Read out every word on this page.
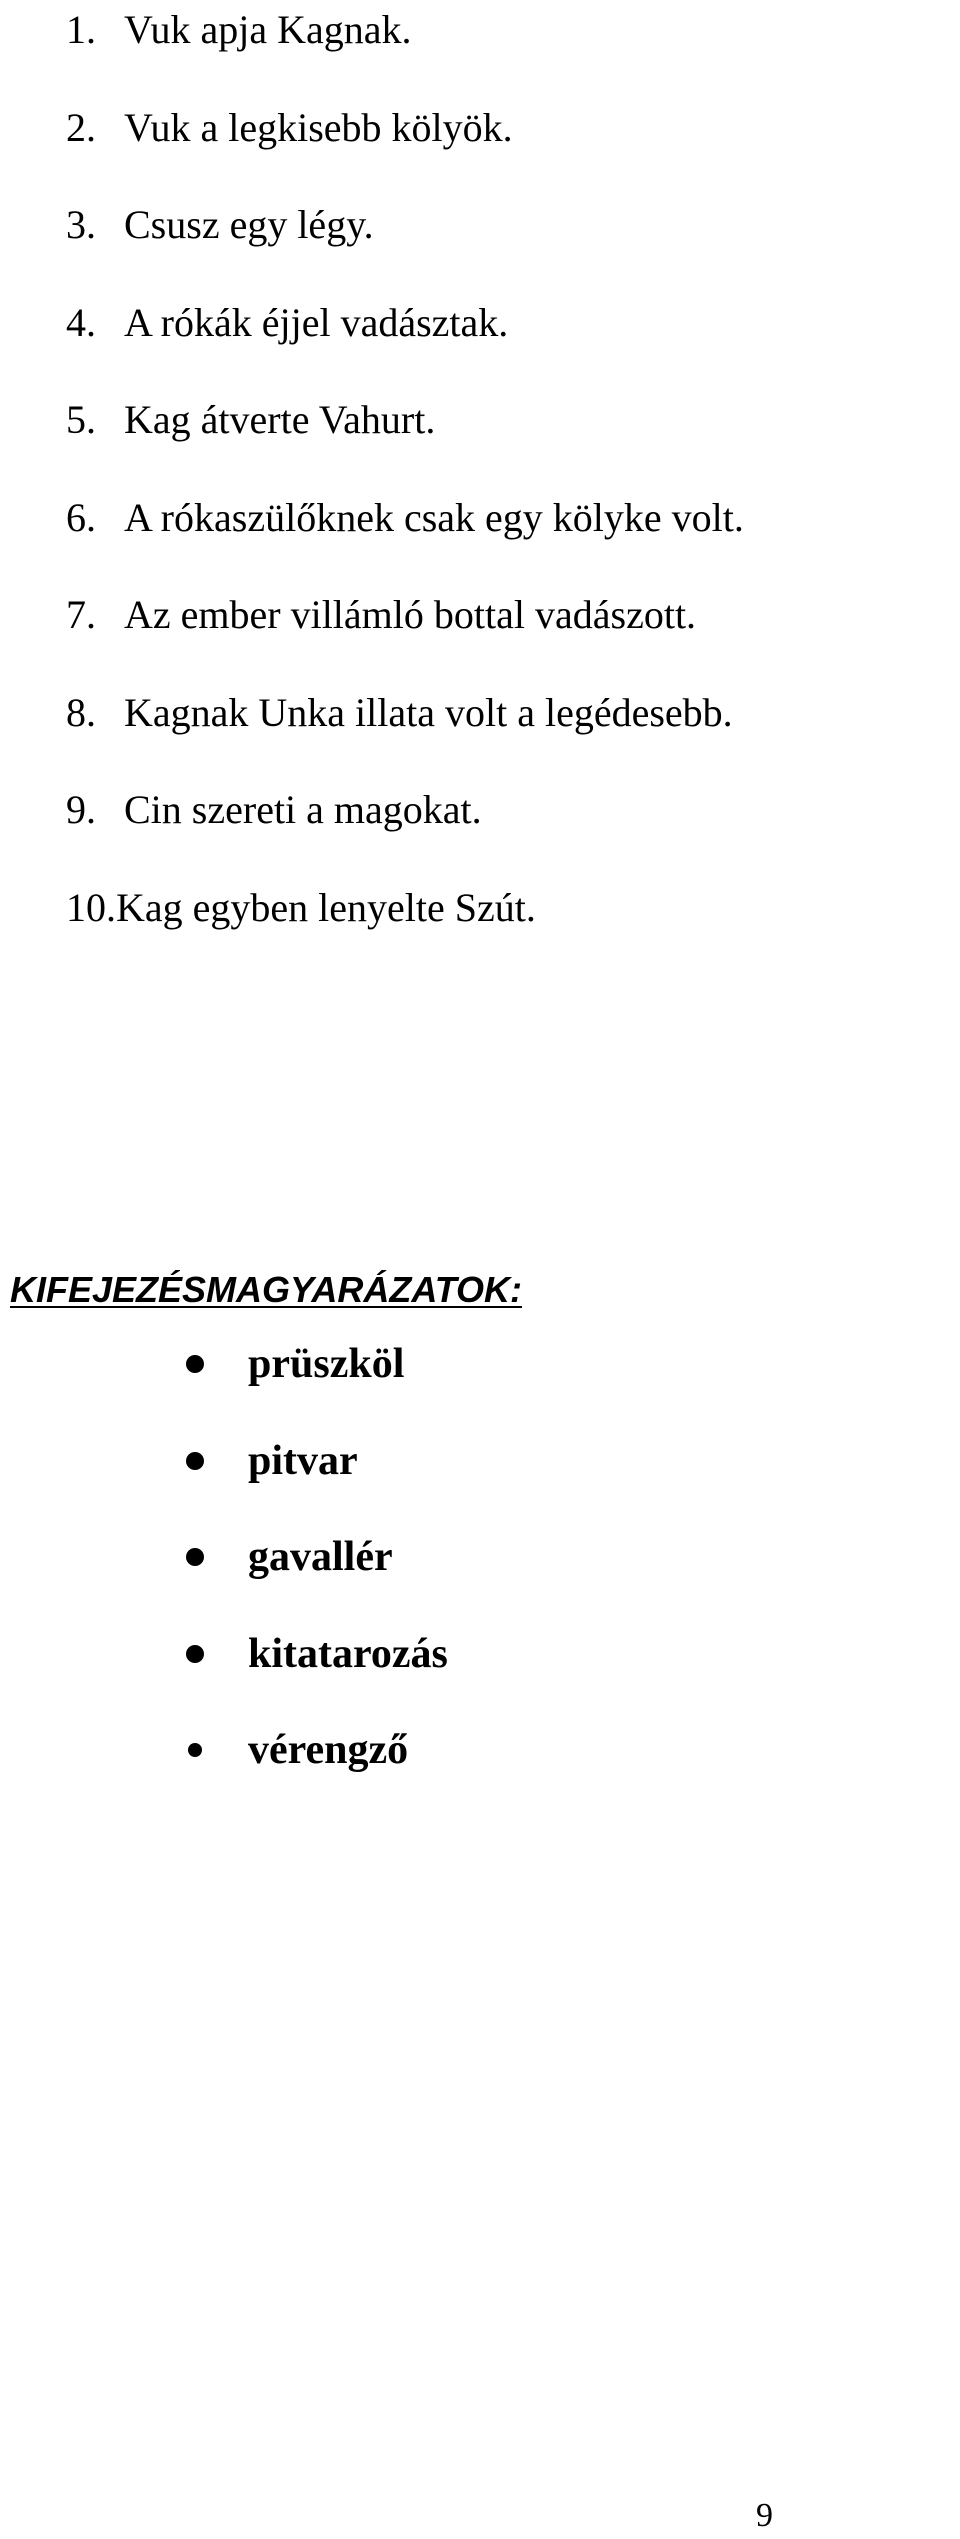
1. Vuk apja Kagnak.
2. Vuk a legkisebb kölyök.
3. Csusz egy légy.
4. A rókák éjjel vadásztak.
5. Kag átverte Vahurt.
6. A rókaszülőknek csak egy kölyke volt.
7. Az ember villámló bottal vadászott.
8. Kagnak Unka illata volt a legédesebb.
9. Cin szereti a magokat.
10.Kag egyben lenyelte Szút.
KIFEJEZÉSMAGYARÁZATOK:
prüszköl
pitvar
gavallér
kitatarozás
vérengző
9
